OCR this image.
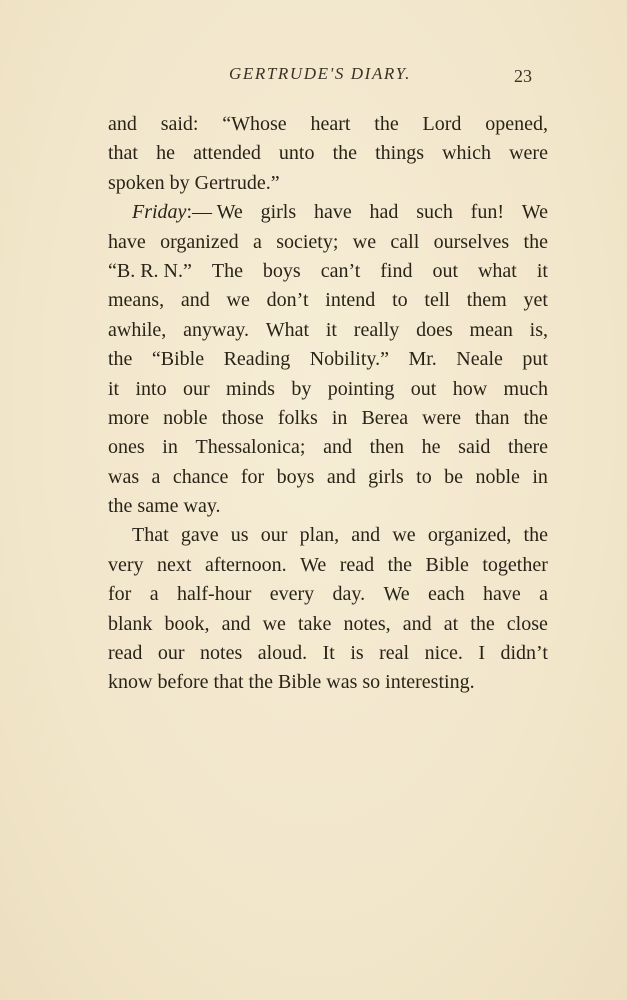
GERTRUDE'S DIARY.	23
and said: “Whose heart the Lord opened,
that he attended unto the things which were
spoken by Gertrude.”
Friday:— We girls have had such fun! We
have organized a society; we call ourselves the
“B. R. N.” The boys can’t find out what it
means, and we don’t intend to tell them yet
awhile, anyway. What it really does mean is,
the “Bible Reading Nobility.” Mr. Neale put
it into our minds by pointing out how much
more noble those folks in Berea were than the
ones in Thessalonica; and then he said there
was a chance for boys and girls to be noble in
the same way.
That gave us our plan, and we organized, the
very next afternoon. We read the Bible together
for a half-hour every day. We each have a
blank book, and we take notes, and at the close
read our notes aloud. It is real nice. I didn’t
know before that the Bible was so interesting.
